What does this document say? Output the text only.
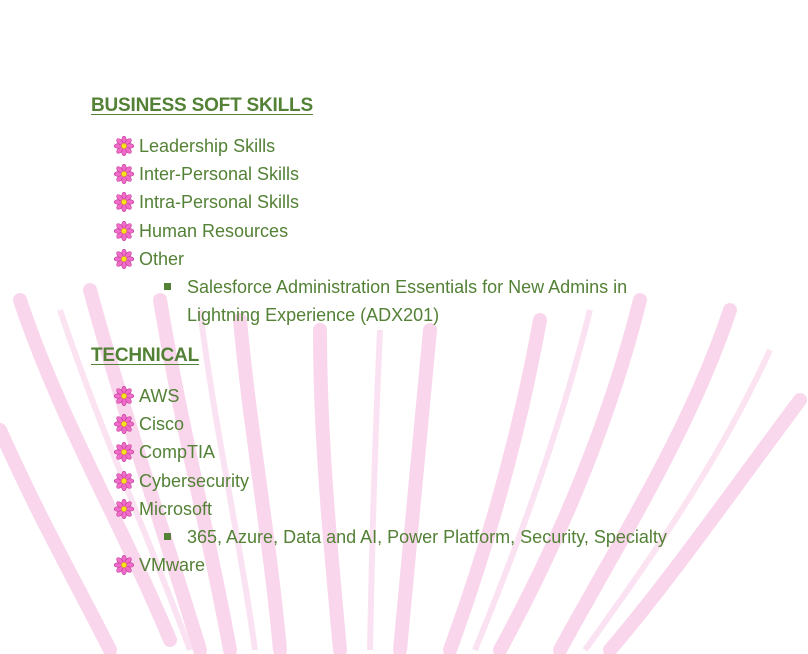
BUSINESS SOFT SKILLS
Leadership Skills
Inter-Personal Skills
Intra-Personal Skills
Human Resources
Other
Salesforce Administration Essentials for New Admins in
Lightning Experience (ADX201)
TECHNICAL
AWS
Cisco
CompTIA
Cybersecurity
Microsoft
365, Azure, Data and AI, Power Platform, Security, Specialty
VMware
